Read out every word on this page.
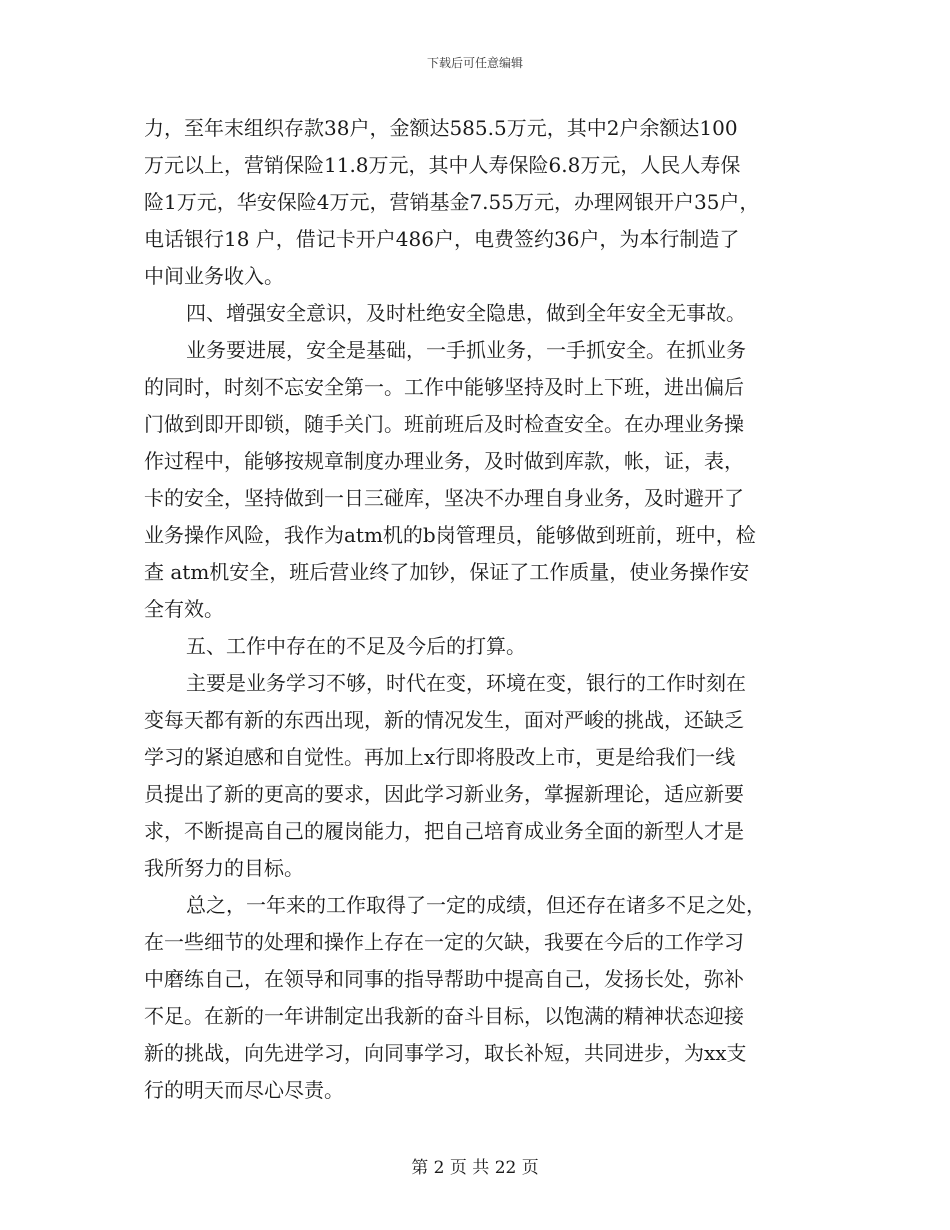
下载后可任意编辑
力，至年末组织存款38户，金额达585.5万元，其中2户余额达100
万元以上，营销保险11.8万元，其中人寿保险6.8万元，人民人寿保
险1万元，华安保险4万元，营销基金7.55万元，办理网银开户35户，
电话银行18 户，借记卡开户486户，电费签约36户，为本行制造了
中间业务收入。
四、增强安全意识，及时杜绝安全隐患，做到全年安全无事故。
业务要进展，安全是基础，一手抓业务，一手抓安全。在抓业务
的同时，时刻不忘安全第一。工作中能够坚持及时上下班，进出偏后
门做到即开即锁，随手关门。班前班后及时检查安全。在办理业务操
作过程中，能够按规章制度办理业务，及时做到库款，帐，证，表，
卡的安全，坚持做到一日三碰库，坚决不办理自身业务，及时避开了
业务操作风险，我作为atm机的b岗管理员，能够做到班前，班中，检
查 atm机安全，班后营业终了加钞，保证了工作质量，使业务操作安
全有效。
五、工作中存在的不足及今后的打算。
主要是业务学习不够，时代在变，环境在变，银行的工作时刻在
变每天都有新的东西出现，新的情况发生，面对严峻的挑战，还缺乏
学习的紧迫感和自觉性。再加上x行即将股改上市，更是给我们一线
员提出了新的更高的要求，因此学习新业务，掌握新理论，适应新要
求，不断提高自己的履岗能力，把自己培育成业务全面的新型人才是
我所努力的目标。
总之，一年来的工作取得了一定的成绩，但还存在诸多不足之处，
在一些细节的处理和操作上存在一定的欠缺，我要在今后的工作学习
中磨练自己，在领导和同事的指导帮助中提高自己，发扬长处，弥补
不足。在新的一年讲制定出我新的奋斗目标，以饱满的精神状态迎接
新的挑战，向先进学习，向同事学习，取长补短，共同进步，为xx支
行的明天而尽心尽责。
第 2 页 共 22 页
